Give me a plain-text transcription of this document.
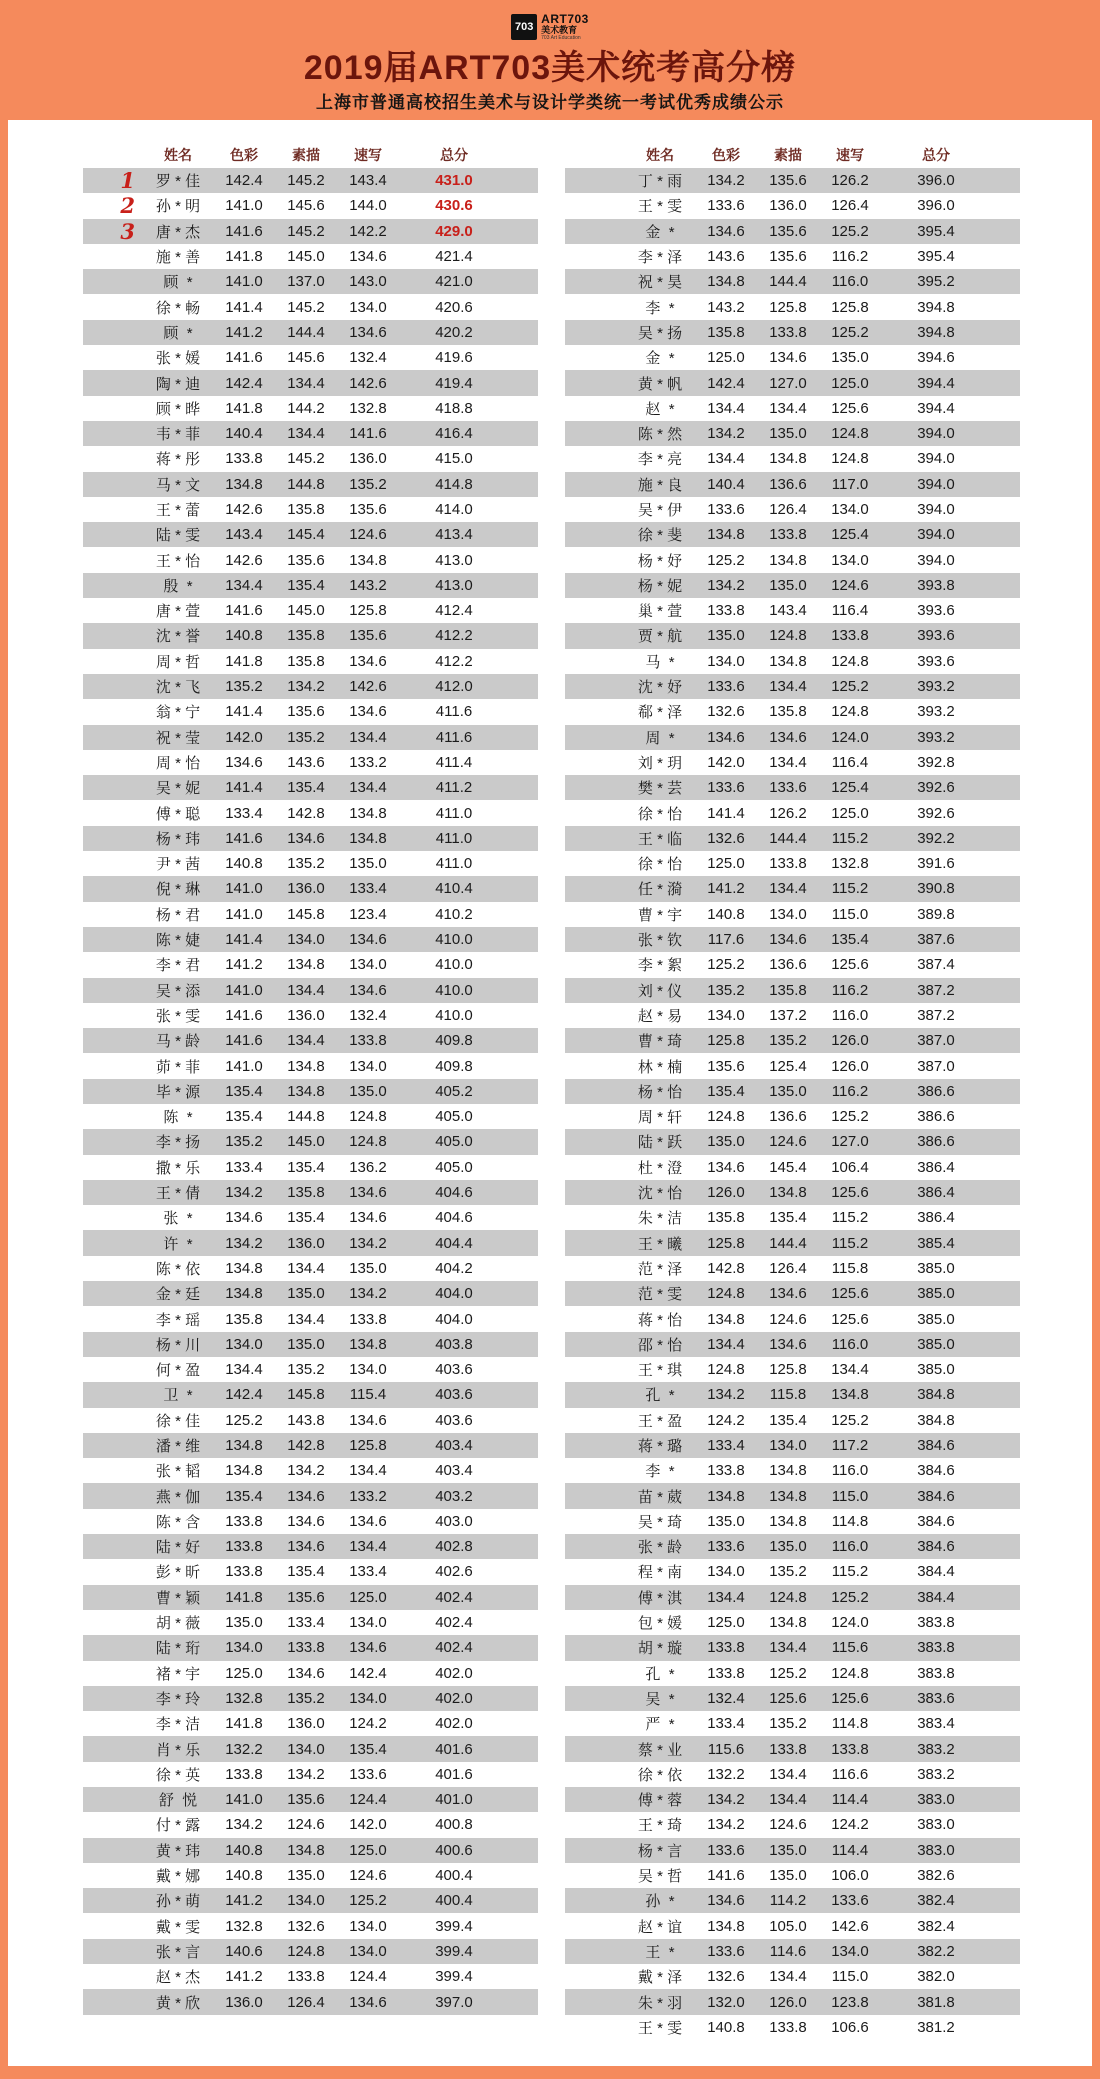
703
ART703
美术教育
703 Art Education
2019届ART703美术统考高分榜
上海市普通高校招生美术与设计学类统一考试优秀成绩公示
姓名	色彩	素描	速写	总分
1	罗 * 佳	142.4	145.2	143.4	431.0
2	孙 * 明	141.0	145.6	144.0	430.6
3	唐 * 杰	141.6	145.2	142.2	429.0
施 * 善	141.8	145.0	134.6	421.4
顾  *	141.0	137.0	143.0	421.0
徐 * 畅	141.4	145.2	134.0	420.6
顾  *	141.2	144.4	134.6	420.2
张 * 媛	141.6	145.6	132.4	419.6
陶 * 迪	142.4	134.4	142.6	419.4
顾 * 晔	141.8	144.2	132.8	418.8
韦 * 菲	140.4	134.4	141.6	416.4
蒋 * 彤	133.8	145.2	136.0	415.0
马 * 文	134.8	144.8	135.2	414.8
王 * 蕾	142.6	135.8	135.6	414.0
陆 * 雯	143.4	145.4	124.6	413.4
王 * 怡	142.6	135.6	134.8	413.0
殷  *	134.4	135.4	143.2	413.0
唐 * 萱	141.6	145.0	125.8	412.4
沈 * 誉	140.8	135.8	135.6	412.2
周 * 哲	141.8	135.8	134.6	412.2
沈 * 飞	135.2	134.2	142.6	412.0
翁 * 宁	141.4	135.6	134.6	411.6
祝 * 莹	142.0	135.2	134.4	411.6
周 * 怡	134.6	143.6	133.2	411.4
吴 * 妮	141.4	135.4	134.4	411.2
傅 * 聪	133.4	142.8	134.8	411.0
杨 * 玮	141.6	134.6	134.8	411.0
尹 * 茜	140.8	135.2	135.0	411.0
倪 * 琳	141.0	136.0	133.4	410.4
杨 * 君	141.0	145.8	123.4	410.2
陈 * 婕	141.4	134.0	134.6	410.0
李 * 君	141.2	134.8	134.0	410.0
吴 * 添	141.0	134.4	134.6	410.0
张 * 雯	141.6	136.0	132.4	410.0
马 * 龄	141.6	134.4	133.8	409.8
茆 * 菲	141.0	134.8	134.0	409.8
毕 * 源	135.4	134.8	135.0	405.2
陈  *	135.4	144.8	124.8	405.0
李 * 扬	135.2	145.0	124.8	405.0
撒 * 乐	133.4	135.4	136.2	405.0
王 * 倩	134.2	135.8	134.6	404.6
张  *	134.6	135.4	134.6	404.6
许  *	134.2	136.0	134.2	404.4
陈 * 依	134.8	134.4	135.0	404.2
金 * 廷	134.8	135.0	134.2	404.0
李 * 瑶	135.8	134.4	133.8	404.0
杨 * 川	134.0	135.0	134.8	403.8
何 * 盈	134.4	135.2	134.0	403.6
卫  *	142.4	145.8	115.4	403.6
徐 * 佳	125.2	143.8	134.6	403.6
潘 * 维	134.8	142.8	125.8	403.4
张 * 韬	134.8	134.2	134.4	403.4
燕 * 伽	135.4	134.6	133.2	403.2
陈 * 含	133.8	134.6	134.6	403.0
陆 * 好	133.8	134.6	134.4	402.8
彭 * 昕	133.8	135.4	133.4	402.6
曹 * 颖	141.8	135.6	125.0	402.4
胡 * 薇	135.0	133.4	134.0	402.4
陆 * 珩	134.0	133.8	134.6	402.4
褚 * 宇	125.0	134.6	142.4	402.0
李 * 玲	132.8	135.2	134.0	402.0
李 * 洁	141.8	136.0	124.2	402.0
肖 * 乐	132.2	134.0	135.4	401.6
徐 * 英	133.8	134.2	133.6	401.6
舒  悦	141.0	135.6	124.4	401.0
付 * 露	134.2	124.6	142.0	400.8
黄 * 玮	140.8	134.8	125.0	400.6
戴 * 娜	140.8	135.0	124.6	400.4
孙 * 萌	141.2	134.0	125.2	400.4
戴 * 雯	132.8	132.6	134.0	399.4
张 * 言	140.6	124.8	134.0	399.4
赵 * 杰	141.2	133.8	124.4	399.4
黄 * 欣	136.0	126.4	134.6	397.0
姓名	色彩	素描	速写	总分
丁 * 雨	134.2	135.6	126.2	396.0
王 * 雯	133.6	136.0	126.4	396.0
金  *	134.6	135.6	125.2	395.4
李 * 泽	143.6	135.6	116.2	395.4
祝 * 昊	134.8	144.4	116.0	395.2
李  *	143.2	125.8	125.8	394.8
吴 * 扬	135.8	133.8	125.2	394.8
金  *	125.0	134.6	135.0	394.6
黄 * 帆	142.4	127.0	125.0	394.4
赵  *	134.4	134.4	125.6	394.4
陈 * 然	134.2	135.0	124.8	394.0
李 * 亮	134.4	134.8	124.8	394.0
施 * 良	140.4	136.6	117.0	394.0
吴 * 伊	133.6	126.4	134.0	394.0
徐 * 斐	134.8	133.8	125.4	394.0
杨 * 妤	125.2	134.8	134.0	394.0
杨 * 妮	134.2	135.0	124.6	393.8
巢 * 萱	133.8	143.4	116.4	393.6
贾 * 航	135.0	124.8	133.8	393.6
马  *	134.0	134.8	124.8	393.6
沈 * 妤	133.6	134.4	125.2	393.2
郗 * 泽	132.6	135.8	124.8	393.2
周  *	134.6	134.6	124.0	393.2
刘 * 玥	142.0	134.4	116.4	392.8
樊 * 芸	133.6	133.6	125.4	392.6
徐 * 怡	141.4	126.2	125.0	392.6
王 * 临	132.6	144.4	115.2	392.2
徐 * 怡	125.0	133.8	132.8	391.6
任 * 漪	141.2	134.4	115.2	390.8
曹 * 宇	140.8	134.0	115.0	389.8
张 * 钦	117.6	134.6	135.4	387.6
李 * 絮	125.2	136.6	125.6	387.4
刘 * 仪	135.2	135.8	116.2	387.2
赵 * 易	134.0	137.2	116.0	387.2
曹 * 琦	125.8	135.2	126.0	387.0
林 * 楠	135.6	125.4	126.0	387.0
杨 * 怡	135.4	135.0	116.2	386.6
周 * 轩	124.8	136.6	125.2	386.6
陆 * 跃	135.0	124.6	127.0	386.6
杜 * 澄	134.6	145.4	106.4	386.4
沈 * 怡	126.0	134.8	125.6	386.4
朱 * 洁	135.8	135.4	115.2	386.4
王 * 曦	125.8	144.4	115.2	385.4
范 * 泽	142.8	126.4	115.8	385.0
范 * 雯	124.8	134.6	125.6	385.0
蒋 * 怡	134.8	124.6	125.6	385.0
邵 * 怡	134.4	134.6	116.0	385.0
王 * 琪	124.8	125.8	134.4	385.0
孔  *	134.2	115.8	134.8	384.8
王 * 盈	124.2	135.4	125.2	384.8
蒋 * 璐	133.4	134.0	117.2	384.6
李  *	133.8	134.8	116.0	384.6
苗 * 葳	134.8	134.8	115.0	384.6
吴 * 琦	135.0	134.8	114.8	384.6
张 * 龄	133.6	135.0	116.0	384.6
程 * 南	134.0	135.2	115.2	384.4
傅 * 淇	134.4	124.8	125.2	384.4
包 * 媛	125.0	134.8	124.0	383.8
胡 * 璇	133.8	134.4	115.6	383.8
孔  *	133.8	125.2	124.8	383.8
吴  *	132.4	125.6	125.6	383.6
严  *	133.4	135.2	114.8	383.4
蔡 * 业	115.6	133.8	133.8	383.2
徐 * 依	132.2	134.4	116.6	383.2
傅 * 蓉	134.2	134.4	114.4	383.0
王 * 琦	134.2	124.6	124.2	383.0
杨 * 言	133.6	135.0	114.4	383.0
吴 * 哲	141.6	135.0	106.0	382.6
孙  *	134.6	114.2	133.6	382.4
赵 * 谊	134.8	105.0	142.6	382.4
王  *	133.6	114.6	134.0	382.2
戴 * 泽	132.6	134.4	115.0	382.0
朱 * 羽	132.0	126.0	123.8	381.8
王 * 雯	140.8	133.8	106.6	381.2
